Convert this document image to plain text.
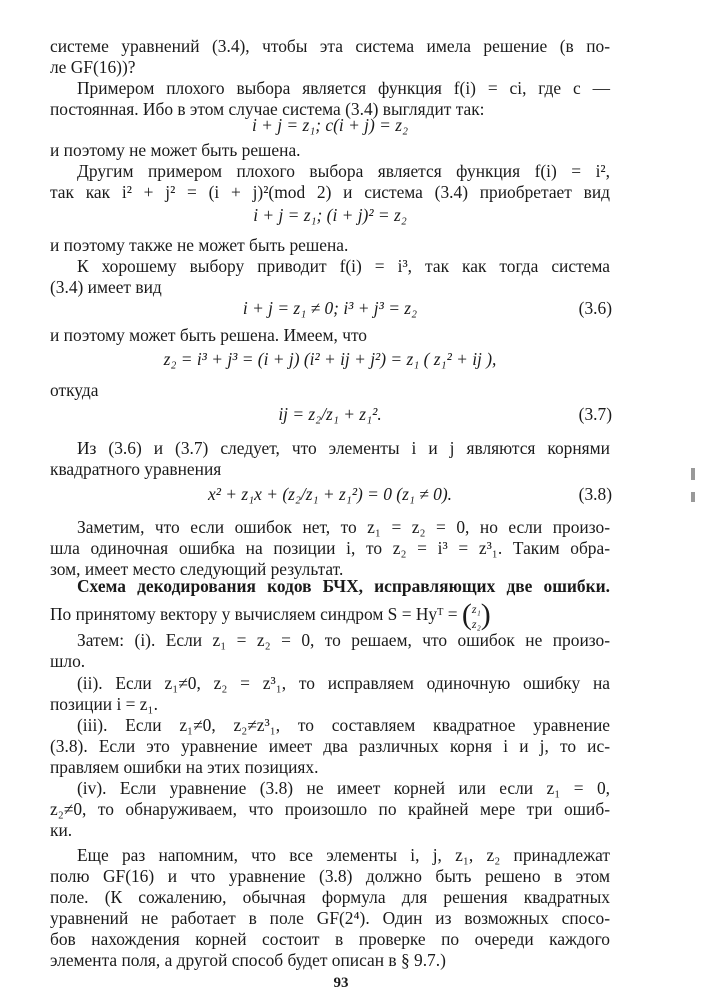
системе уравнений (3.4), чтобы эта система имела решение (в по-
ле GF(16))?
Примером плохого выбора является функция f(i) = ci, где c —
постоянная. Ибо в этом случае система (3.4) выглядит так:
i + j = z₁; c(i + j) = z₂
и поэтому не может быть решена.
Другим примером плохого выбора является функция f(i) = i²,
так как i² + j² = (i + j)²(mod 2) и система (3.4) приобретает вид
i + j = z₁; (i + j)² = z₂
и поэтому также не может быть решена.
К хорошему выбору приводит f(i) = i³, так как тогда система
(3.4) имеет вид
i + j = z₁ ≠ 0; i³ + j³ = z₂	(3.6)
и поэтому может быть решена. Имеем, что
z₂ = i³ + j³ = (i + j) (i² + ij + j²) = z₁ ( z₁² + ij ),
откуда
ij = z₂/z₁ + z₁².	(3.7)
Из (3.6) и (3.7) следует, что элементы i и j являются корнями
квадратного уравнения
x² + z₁x + (z₂/z₁ + z₁²) = 0 (z₁ ≠ 0).	(3.8)
Заметим, что если ошибок нет, то z₁ = z₂ = 0, но если произо-
шла одиночная ошибка на позиции i, то z₂ = i³ = z³₁. Таким обра-
зом, имеет место следующий результат.
Схема декодирования кодов БЧХ, исправляющих две ошибки.
По принятому вектору y вычисляем синдром S = Hyᵀ = (z₁
z₂)
Затем: (i). Если z₁ = z₂ = 0, то решаем, что ошибок не произо-
шло.
(ii). Если z₁≠0, z₂ = z³₁, то исправляем одиночную ошибку на
позиции i = z₁.
(iii). Если z₁≠0, z₂≠z³₁, то составляем квадратное уравнение
(3.8). Если это уравнение имеет два различных корня i и j, то ис-
правляем ошибки на этих позициях.
(iv). Если уравнение (3.8) не имеет корней или если z₁ = 0,
z₂≠0, то обнаруживаем, что произошло по крайней мере три ошиб-
ки.
Еще раз напомним, что все элементы i, j, z₁, z₂ принадлежат
полю GF(16) и что уравнение (3.8) должно быть решено в этом
поле. (К сожалению, обычная формула для решения квадратных
уравнений не работает в поле GF(2⁴). Один из возможных спосо-
бов нахождения корней состоит в проверке по очереди каждого
элемента поля, а другой способ будет описан в § 9.7.)
93
